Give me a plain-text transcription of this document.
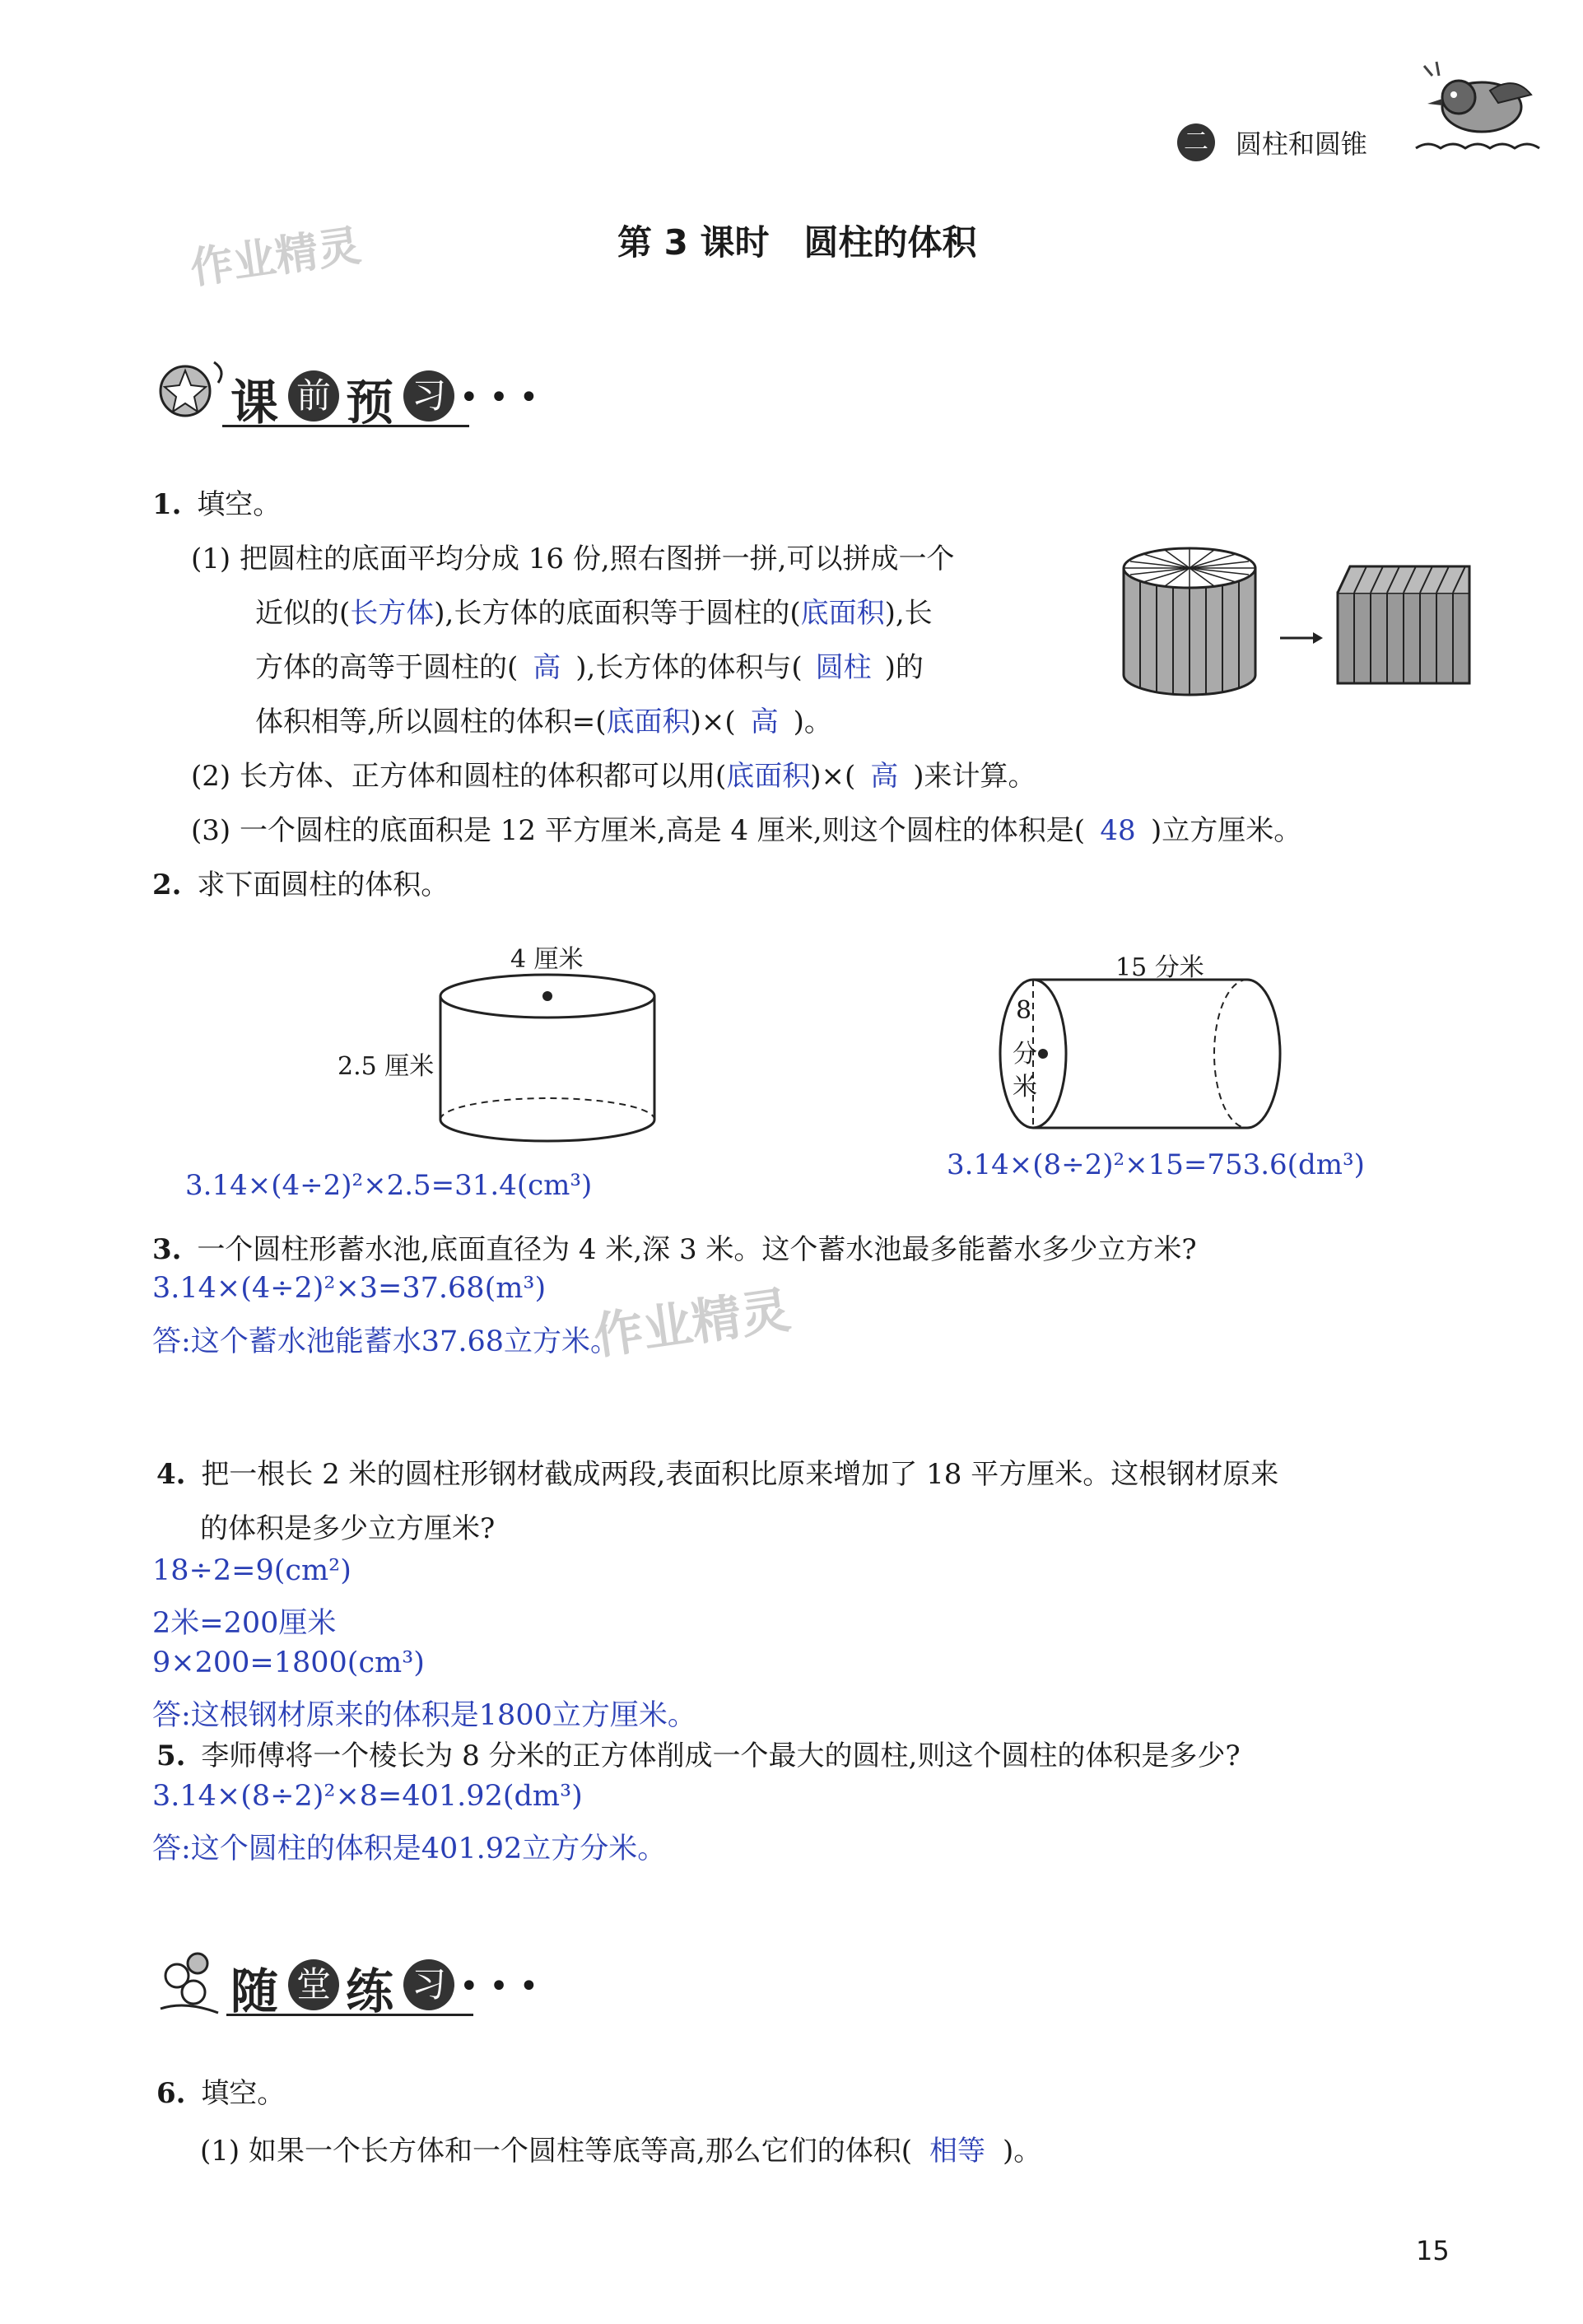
二 圆柱和圆锥
作业精灵	第 3 课时　圆柱的体积
课 前 预 习 • • •
1. 填空。
(1) 把圆柱的底面平均分成 16 份,照右图拼一拼,可以拼成一个
近似的(长方体),长方体的底面积等于圆柱的(底面积),长
方体的高等于圆柱的( 高 ),长方体的体积与( 圆柱 )的
体积相等,所以圆柱的体积=(底面积)×( 高 )。
(2) 长方体、正方体和圆柱的体积都可以用(底面积)×( 高 )来计算。
(3) 一个圆柱的底面积是 12 平方厘米,高是 4 厘米,则这个圆柱的体积是( 48 )立方厘米。
2. 求下面圆柱的体积。
4 厘米
2.5 厘米
3.14×(4÷2)²×2.5=31.4(cm³)
15 分米
8
分
米
3.14×(8÷2)²×15=753.6(dm³)
3. 一个圆柱形蓄水池,底面直径为 4 米,深 3 米。这个蓄水池最多能蓄水多少立方米?
3.14×(4÷2)²×3=37.68(m³)
答:这个蓄水池能蓄水37.68立方米。
作业精灵
4. 把一根长 2 米的圆柱形钢材截成两段,表面积比原来增加了 18 平方厘米。这根钢材原来
的体积是多少立方厘米?
18÷2=9(cm²)
2米=200厘米
9×200=1800(cm³)
答:这根钢材原来的体积是1800立方厘米。
5. 李师傅将一个棱长为 8 分米的正方体削成一个最大的圆柱,则这个圆柱的体积是多少?
3.14×(8÷2)²×8=401.92(dm³)
答:这个圆柱的体积是401.92立方分米。
随 堂 练 习 • • •
6. 填空。
(1) 如果一个长方体和一个圆柱等底等高,那么它们的体积( 相等 )。
15
